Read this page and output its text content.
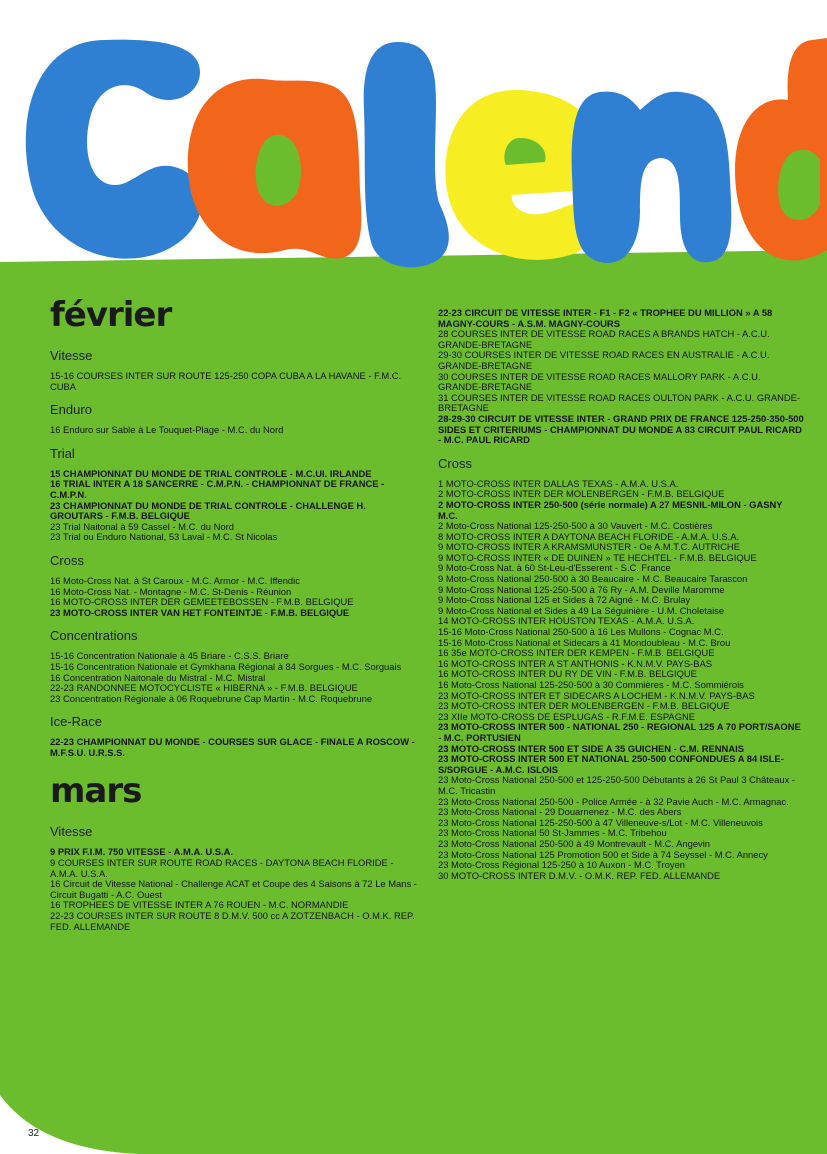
février
Vitesse
15-16 COURSES INTER SUR ROUTE 125-250 COPA CUBA A LA HAVANE - F.M.C. CUBA
Enduro
16 Enduro sur Sable à Le Touquet-Plage - M.C. du Nord
Trial
15 CHAMPIONNAT DU MONDE DE TRIAL CONTROLE - M.C.UI. IRLANDE
16 TRIAL INTER A 18 SANCERRE - C.M.P.N. - CHAMPIONNAT DE FRANCE - C.M.P.N.
23 CHAMPIONNAT DU MONDE DE TRIAL CONTROLE - CHALLENGE H. GROUTARS - F.M.B. BELGIQUE
23 Trial Naitonal à 59 Cassel - M.C. du Nord
23 Trial ou Enduro National, 53 Laval - M.C. St Nicolas
Cross
16 Moto-Cross Nat. à St Caroux - M.C. Armor - M.C. Iffendic
16 Moto-Cross Nat. - Montagne - M.C. St-Denis - Réunion
16 MOTO-CROSS INTER DER GEMEETEBOSSEN - F.M.B. BELGIQUE
23 MOTO-CROSS INTER VAN HET FONTEINTJE - F.M.B. BELGIQUE
Concentrations
15-16 Concentration Nationale à 45 Briare - C.S.S. Briare
15-16 Concentration Nationale et Gymkhana Régional à 84 Sorgues - M.C. Sorguais
16 Concentration Naitonale du Mistral - M.C. Mistral
22-23 RANDONNEE MOTOCYCLISTE « HIBERNA » - F.M.B. BELGIQUE
23 Concentration Régionale à 06 Roquebrune Cap Martin - M.C. Roquebrune
Ice-Race
22-23 CHAMPIONNAT DU MONDE - COURSES SUR GLACE - FINALE A ROSCOW - M.F.S.U. U.R.S.S.
mars
Vitesse
9 PRIX F.I.M. 750 VITESSE - A.M.A. U.S.A.
9 COURSES INTER SUR ROUTE ROAD RACES - DAYTONA BEACH FLORIDE - A.M.A. U.S.A.
16 Circuit de Vitesse National - Challenge ACAT et Coupe des 4 Saisons à 72 Le Mans - Circuit Bugatti - A.C. Ouest
16 TROPHEES DE VITESSE INTER A 76 ROUEN - M.C. NORMANDIE
22-23 COURSES INTER SUR ROUTE 8 D.M.V. 500 cc A ZOTZENBACH - O.M.K. REP. FED. ALLEMANDE
22-23 CIRCUIT DE VITESSE INTER - F1 - F2 « TROPHEE DU MILLION » A 58 MAGNY-COURS - A.S.M. MAGNY-COURS
28 COURSES INTER DE VITESSE ROAD RACES A BRANDS HATCH - A.C.U. GRANDE-BRETAGNE
29-30 COURSES INTER DE VITESSE ROAD RACES EN AUSTRALIE - A.C.U. GRANDE-BRETAGNE
30 COURSES INTER DE VITESSE ROAD RACES MALLORY PARK - A.C.U. GRANDE-BRETAGNE
31 COURSES INTER DE VITESSE ROAD RACES OULTON PARK - A.C.U. GRANDE-BRETAGNE
28-29-30 CIRCUIT DE VITESSE INTER - GRAND PRIX DE FRANCE 125-250-350-500 SIDES ET CRITERIUMS - CHAMPIONNAT DU MONDE A 83 CIRCUIT PAUL RICARD - M.C. PAUL RICARD
Cross
1 MOTO-CROSS INTER DALLAS TEXAS - A.M.A. U.S.A.
2 MOTO-CROSS INTER DER MOLENBERGEN - F.M.B. BELGIQUE
2 MOTO-CROSS INTER 250-500 (série normale) A 27 MESNIL-MILON - GASNY M.C.
2 Moto-Cross National 125-250-500 à 30 Vauvert - M.C. Costières
8 MOTO-CROSS INTER A DAYTONA BEACH FLORIDE - A.M.A. U.S.A.
9 MOTO-CROSS INTER A KRAMSMUNSTER - Oe A.M.T.C. AUTRICHE
9 MOTO-CROSS INTER « DE DUINEN » TE HECHTEL - F.M.B. BELGIQUE
9 Moto-Cross Nat. à 60 St-Leu-d'Esserent - S.C. France
9 Moto-Cross National 250-500 à 30 Beaucaire - M.C. Beaucaire Tarascon
9 Moto-Cross National 125-250-500 à 76 Ry - A.M. Deville Maromme
9 Moto-Cross National 125 et Sides à 72 Aigné - M.C. Brulay
9 Moto-Cross National et Sides à 49 La Séguinière - U.M. Choletaise
14 MOTO-CROSS INTER HOUSTON TEXAS - A.M.A. U.S.A.
15-16 Moto-Cross National 250-500 à 16 Les Mullons - Cognac M.C.
15-16 Moto-Cross National et Sidecars à 41 Mondoubleau - M.C. Brou
16 35e MOTO-CROSS INTER DER KEMPEN - F.M.B. BELGIQUE
16 MOTO-CROSS INTER A ST ANTHONIS - K.N.M.V. PAYS-BAS
16 MOTO-CROSS INTER DU RY DE VIN - F.M.B. BELGIQUE
16 Moto-Cross National 125-250-500 à 30 Commières - M.C. Sommiérois
23 MOTO-CROSS INTER ET SIDECARS A LOCHEM - K.N.M.V. PAYS-BAS
23 MOTO-CROSS INTER DER MOLENBERGEN - F.M.B. BELGIQUE
23 XIIe MOTO-CROSS DE ESPLUGAS - R.F.M.E. ESPAGNE
23 MOTO-CROSS INTER 500 - NATIONAL 250 - REGIONAL 125 A 70 PORT/SAONE - M.C. PORTUSIEN
23 MOTO-CROSS INTER 500 ET SIDE A 35 GUICHEN - C.M. RENNAIS
23 MOTO-CROSS INTER 500 ET NATIONAL 250-500 CONFONDUES A 84 ISLE-S/SORGUE - A.M.C. ISLOIS
23 Moto-Cross National 250-500 et 125-250-500 Débutants à 26 St Paul 3 Châteaux - M.C. Tricastin
23 Moto-Cross National 250-500 - Police Armée - à 32 Pavie Auch - M.C. Armagnac.
23 Moto-Cross National - 29 Douarnenez - M.C. des Abers
23 Moto-Cross National 125-250-500 à 47 Villeneuve-s/Lot - M.C. Villeneuvois
23 Moto-Cross National 50 St-Jammes - M.C. Tribehou
23 Moto-Cross National 250-500 à 49 Montrevault - M.C. Angevin
23 Moto-Cross National 125 Promotion 500 et Side à 74 Seyssel - M.C. Annecy
23 Moto-Cross Régional 125-250 à 10 Auxon - M.C. Troyen
30 MOTO-CROSS INTER D.M.V. - O.M.K. REP. FED. ALLEMANDE
32
